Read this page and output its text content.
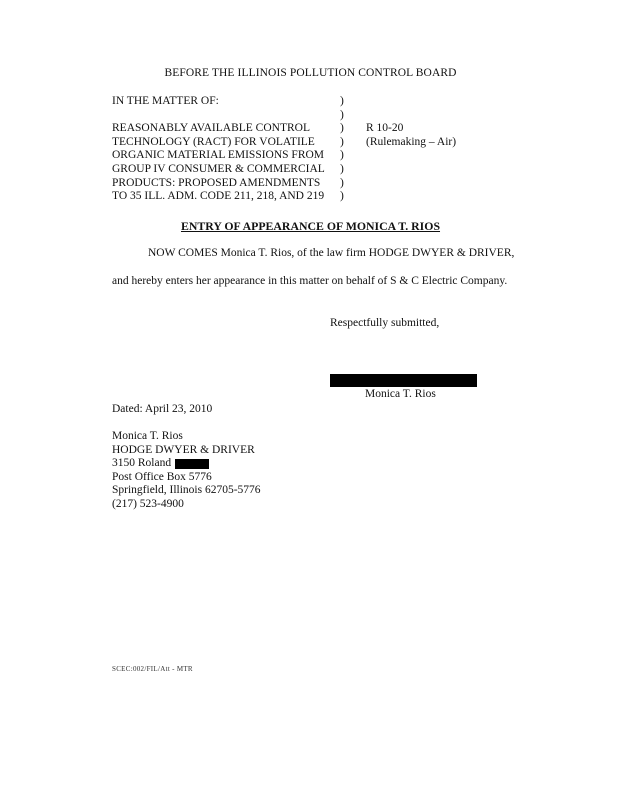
BEFORE THE ILLINOIS POLLUTION CONTROL BOARD
IN THE MATTER OF:	)
)
REASONABLY AVAILABLE CONTROL	)	R 10-20
TECHNOLOGY (RACT) FOR VOLATILE	)	(Rulemaking – Air)
ORGANIC MATERIAL EMISSIONS FROM	)
GROUP IV CONSUMER & COMMERCIAL	)
PRODUCTS: PROPOSED AMENDMENTS	)
TO 35 ILL. ADM. CODE 211, 218, AND 219	)
ENTRY OF APPEARANCE OF MONICA T. RIOS
NOW COMES Monica T. Rios, of the law firm HODGE DWYER & DRIVER,
and hereby enters her appearance in this matter on behalf of S & C Electric Company.
Respectfully submitted,
Monica T. Rios
Dated: April 23, 2010
Monica T. Rios
HODGE DWYER & DRIVER
3150 Roland
Post Office Box 5776
Springfield, Illinois 62705-5776
(217) 523-4900
SCEC:002/FIL/Att - MTR
